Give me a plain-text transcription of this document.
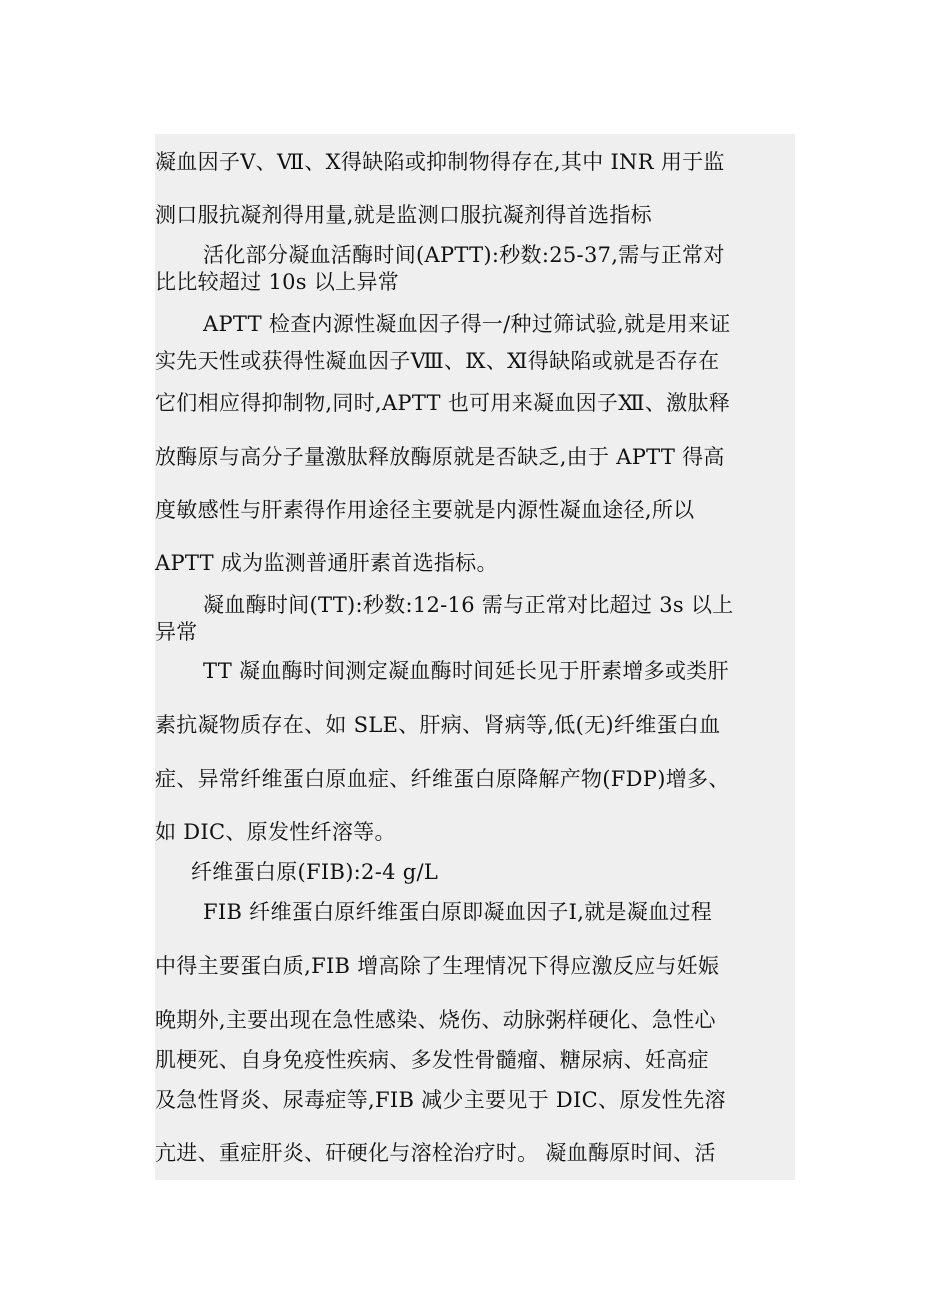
凝血因子Ⅴ、Ⅶ、Ⅹ得缺陷或抑制物得存在,其中 INR 用于监
测口服抗凝剂得用量,就是监测口服抗凝剂得首选指标
活化部分凝血活酶时间(APTT):秒数:25-37,需与正常对
比比较超过 10s 以上异常
APTT 检查内源性凝血因子得一/种过筛试验,就是用来证
实先天性或获得性凝血因子Ⅷ、Ⅸ、Ⅺ得缺陷或就是否存在
它们相应得抑制物,同时,APTT 也可用来凝血因子Ⅻ、激肽释
放酶原与高分子量激肽释放酶原就是否缺乏,由于 APTT 得高
度敏感性与肝素得作用途径主要就是内源性凝血途径,所以
APTT 成为监测普通肝素首选指标。
凝血酶时间(TT):秒数:12-16 需与正常对比超过 3s 以上
异常
TT 凝血酶时间测定凝血酶时间延长见于肝素增多或类肝
素抗凝物质存在、如 SLE、肝病、肾病等,低(无)纤维蛋白血
症、异常纤维蛋白原血症、纤维蛋白原降解产物(FDP)增多、
如 DIC、原发性纤溶等。
纤维蛋白原(FIB):2-4 g/L
FIB 纤维蛋白原纤维蛋白原即凝血因子Ⅰ,就是凝血过程
中得主要蛋白质,FIB 增高除了生理情况下得应激反应与妊娠
晚期外,主要出现在急性感染、烧伤、动脉粥样硬化、急性心
肌梗死、自身免疫性疾病、多发性骨髓瘤、糖尿病、妊高症
及急性肾炎、尿毒症等,FIB 减少主要见于 DIC、原发性先溶
亢进、重症肝炎、矸硬化与溶栓治疗时。 凝血酶原时间、活
